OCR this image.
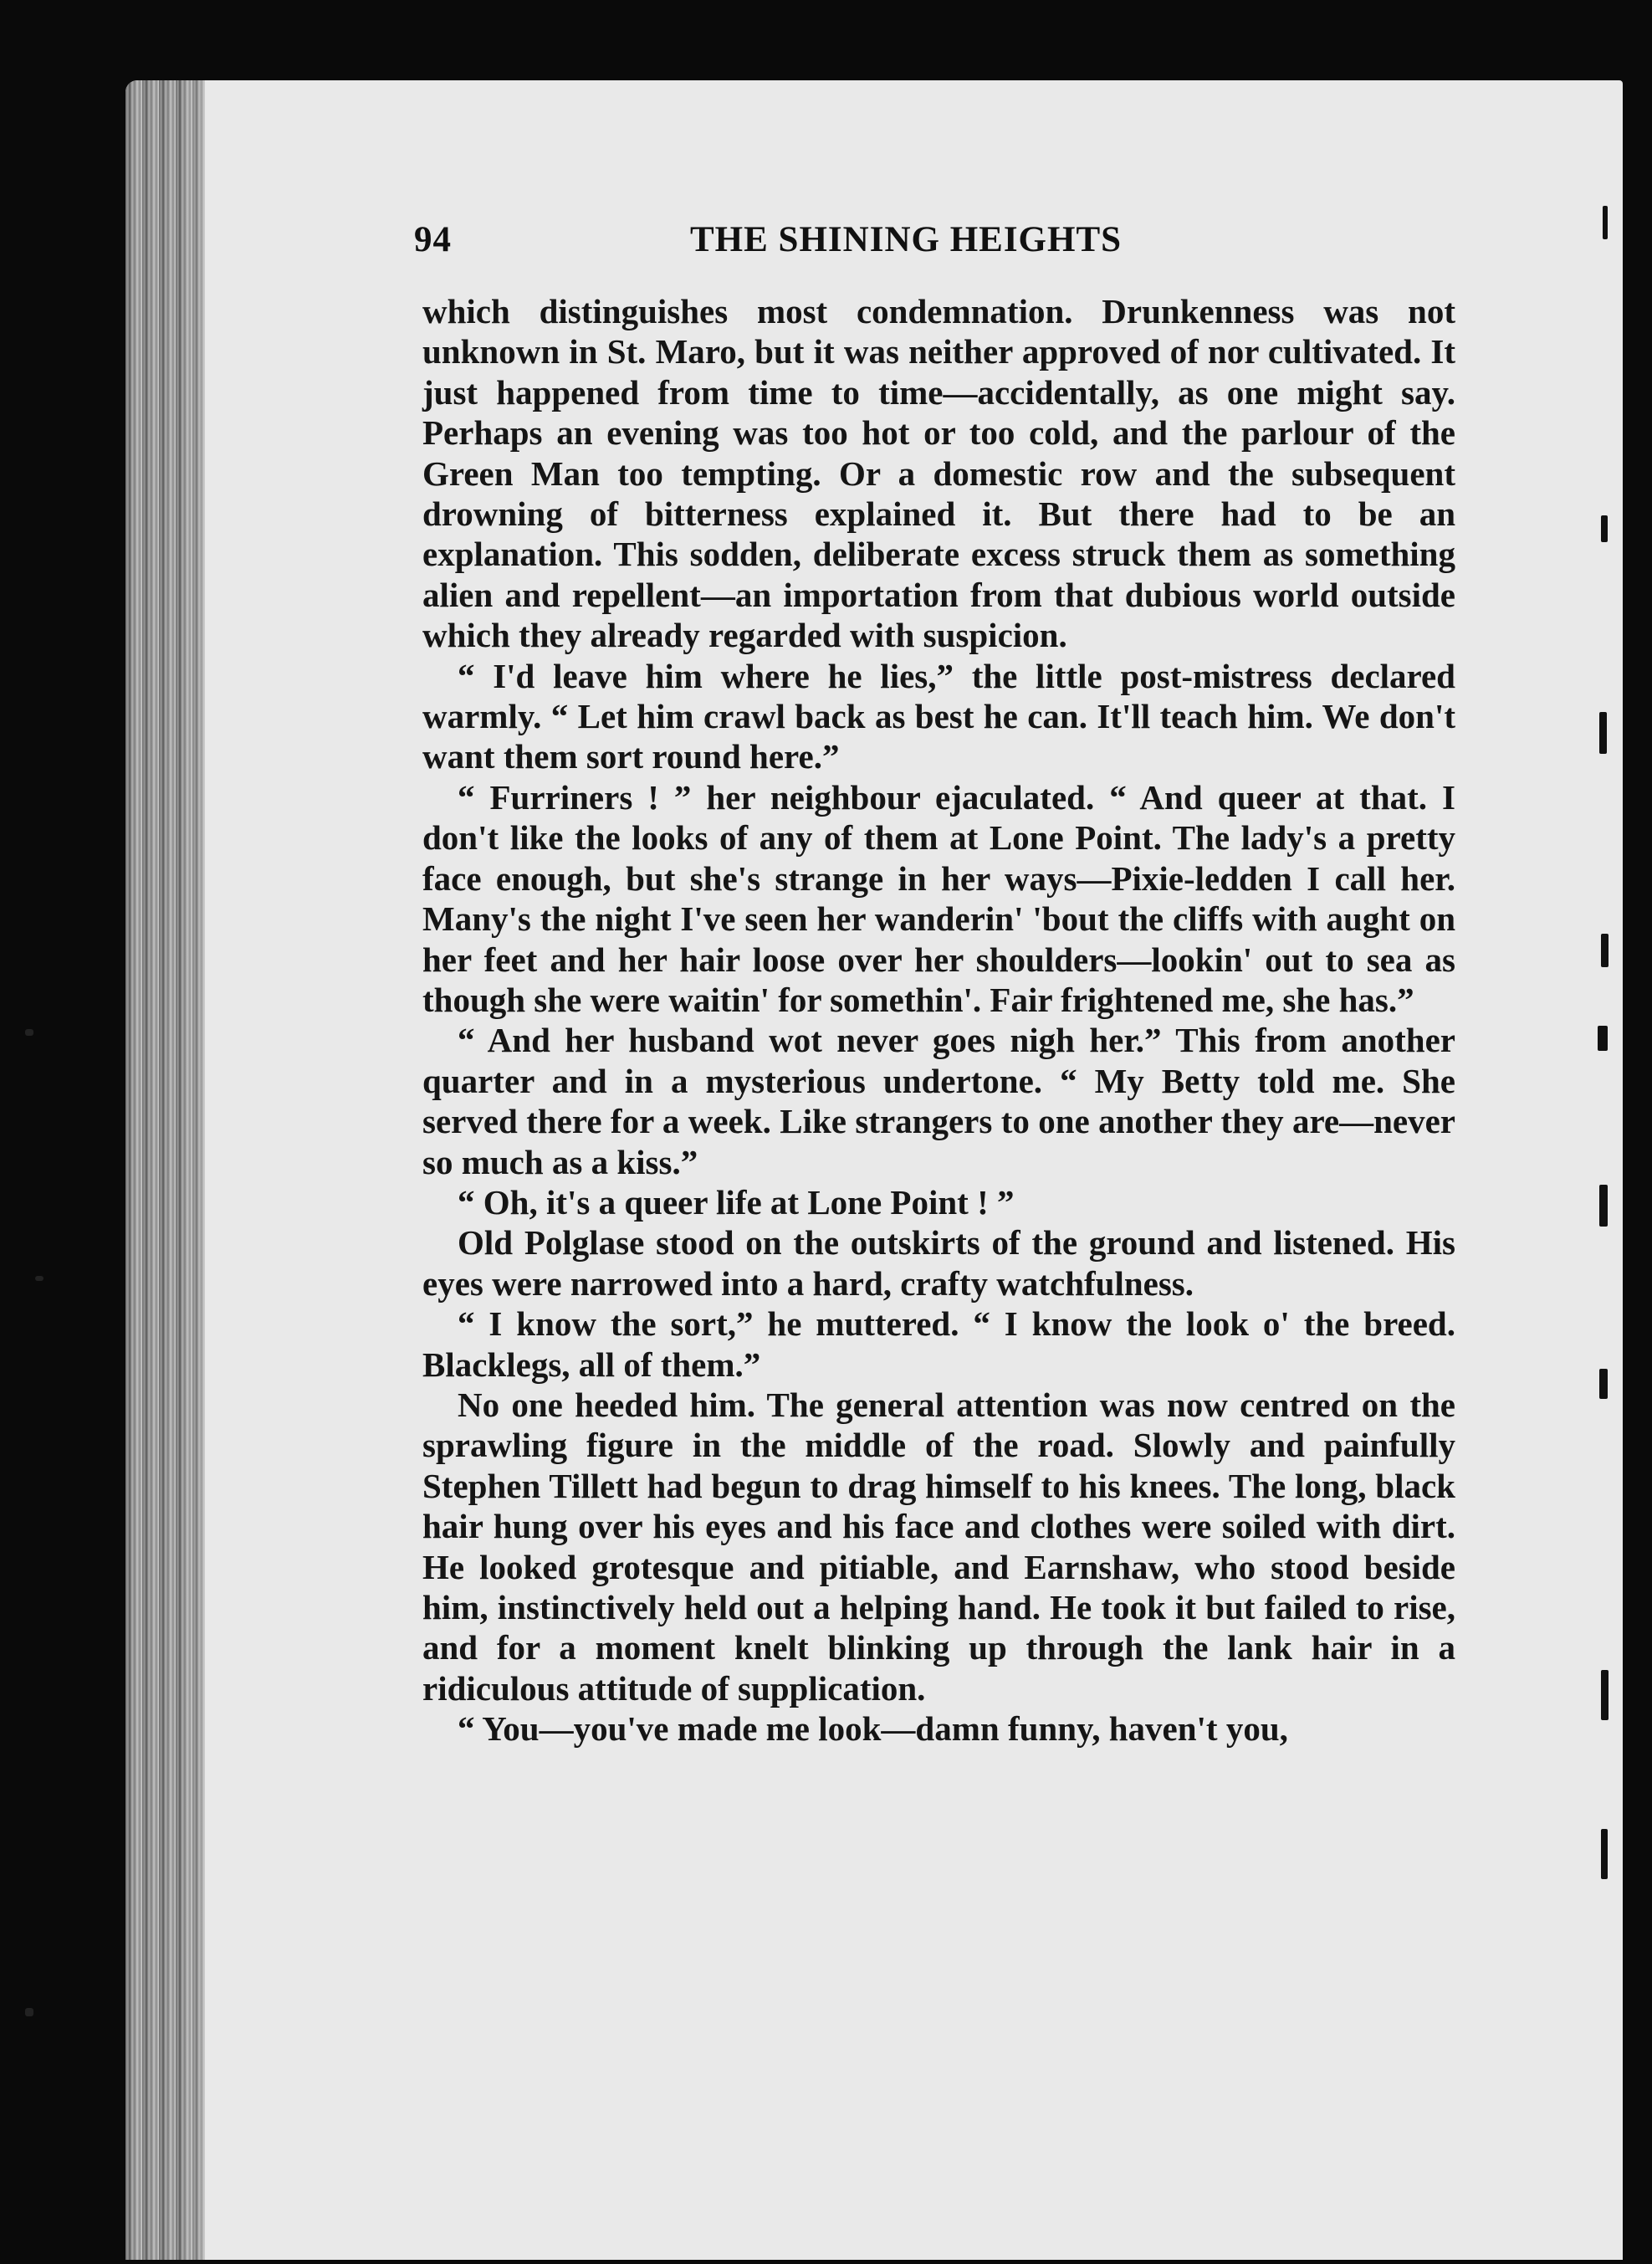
94	THE SHINING HEIGHTS

which distinguishes most condemnation. Drunkenness was not unknown in St. Maro, but it was neither approved of nor cultivated. It just happened from time to time—accidentally, as one might say. Perhaps an evening was too hot or too cold, and the parlour of the Green Man too tempting. Or a domestic row and the subsequent drowning of bitterness explained it. But there had to be an explanation. This sodden, deliberate excess struck them as something alien and repellent—an importation from that dubious world outside which they already regarded with suspicion.

“ I'd leave him where he lies,” the little post-mistress declared warmly. “ Let him crawl back as best he can. It'll teach him. We don't want them sort round here.”

“ Furriners ! ” her neighbour ejaculated. “ And queer at that. I don't like the looks of any of them at Lone Point. The lady's a pretty face enough, but she's strange in her ways—Pixie-ledden I call her. Many's the night I've seen her wanderin' 'bout the cliffs with aught on her feet and her hair loose over her shoulders—lookin' out to sea as though she were waitin' for somethin'. Fair frightened me, she has.”

“ And her husband wot never goes nigh her.” This from another quarter and in a mysterious undertone. “ My Betty told me. She served there for a week. Like strangers to one another they are—never so much as a kiss.”

“ Oh, it's a queer life at Lone Point ! ”

Old Polglase stood on the outskirts of the ground and listened. His eyes were narrowed into a hard, crafty watchfulness.

“ I know the sort,” he muttered. “ I know the look o' the breed. Blacklegs, all of them.”

No one heeded him. The general attention was now centred on the sprawling figure in the middle of the road. Slowly and painfully Stephen Tillett had begun to drag himself to his knees. The long, black hair hung over his eyes and his face and clothes were soiled with dirt. He looked grotesque and pitiable, and Earnshaw, who stood beside him, instinctively held out a helping hand. He took it but failed to rise, and for a moment knelt blinking up through the lank hair in a ridiculous attitude of supplication.

“ You—you've made me look—damn funny, haven't you,
